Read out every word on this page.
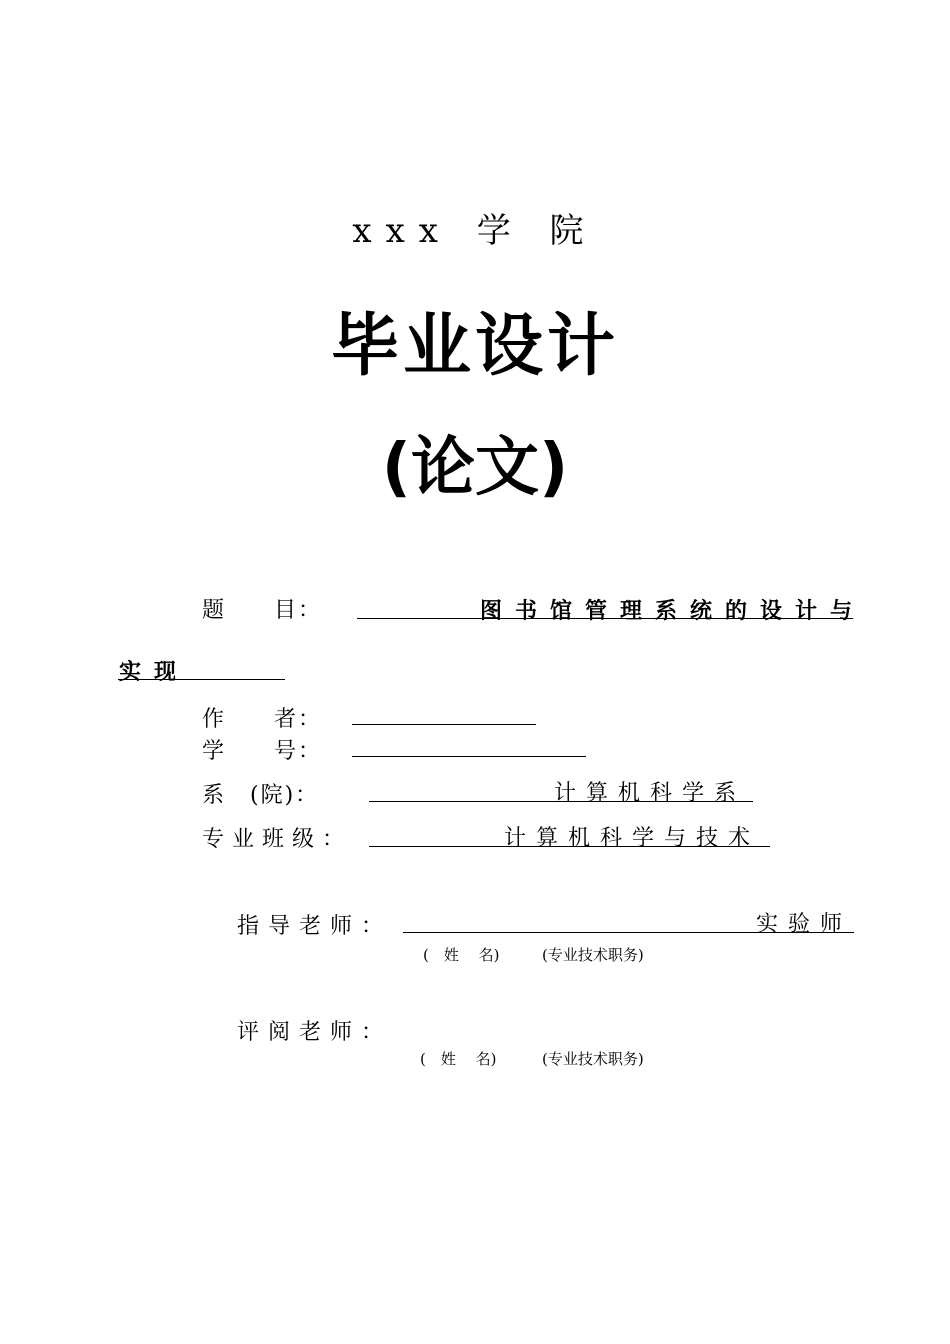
xxx 学 院
毕业设计
(论文)
题　　目：	图书馆管理系统的设计与
实现
作　　者：
学　　号：
系　(院)：	计算机科学系
专业班级：	计算机科学与技术
指导老师：	实验师
(　姓　 名)	(专业技术职务)
评阅老师：
(　姓　 名)	(专业技术职务)
